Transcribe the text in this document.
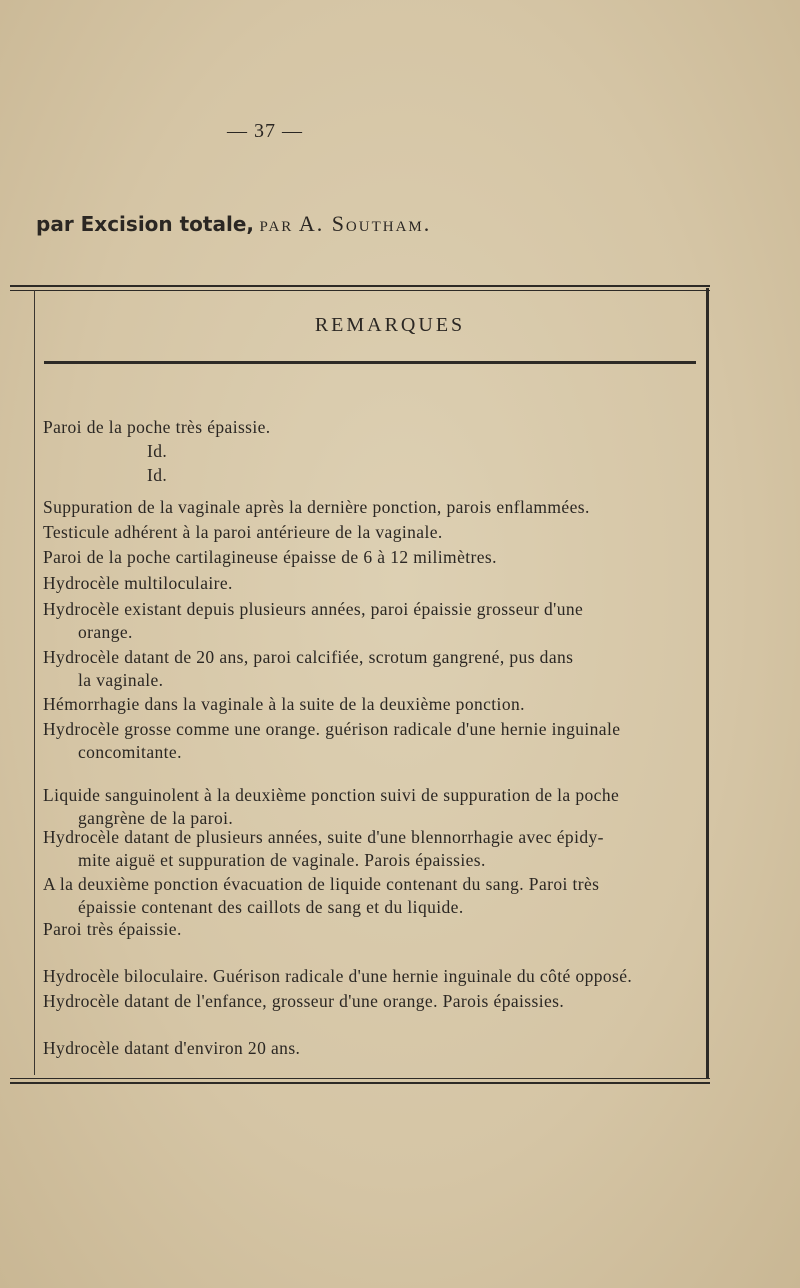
— 37 —
par Excision totale, par A. Southam.
REMARQUES
Paroi de la poche très épaissie.
Id.
Id.
Suppuration de la vaginale après la dernière ponction, parois enflammées.
Testicule adhérent à la paroi antérieure de la vaginale.
Paroi de la poche cartilagineuse épaisse de 6 à 12 milimètres.
Hydrocèle multiloculaire.
Hydrocèle existant depuis plusieurs années, paroi épaissie grosseur d'une
orange.
Hydrocèle datant de 20 ans, paroi calcifiée, scrotum gangrené, pus dans
la vaginale.
Hémorrhagie dans la vaginale à la suite de la deuxième ponction.
Hydrocèle grosse comme une orange. guérison radicale d'une hernie inguinale
concomitante.
Liquide sanguinolent à la deuxième ponction suivi de suppuration de la poche
gangrène de la paroi.
Hydrocèle datant de plusieurs années, suite d'une blennorrhagie avec épidy-
mite aiguë et suppuration de vaginale. Parois épaissies.
A la deuxième ponction évacuation de liquide contenant du sang. Paroi très
épaissie contenant des caillots de sang et du liquide.
Paroi très épaissie.
Hydrocèle biloculaire. Guérison radicale d'une hernie inguinale du côté opposé.
Hydrocèle datant de l'enfance, grosseur d'une orange. Parois épaissies.
Hydrocèle datant d'environ 20 ans.
